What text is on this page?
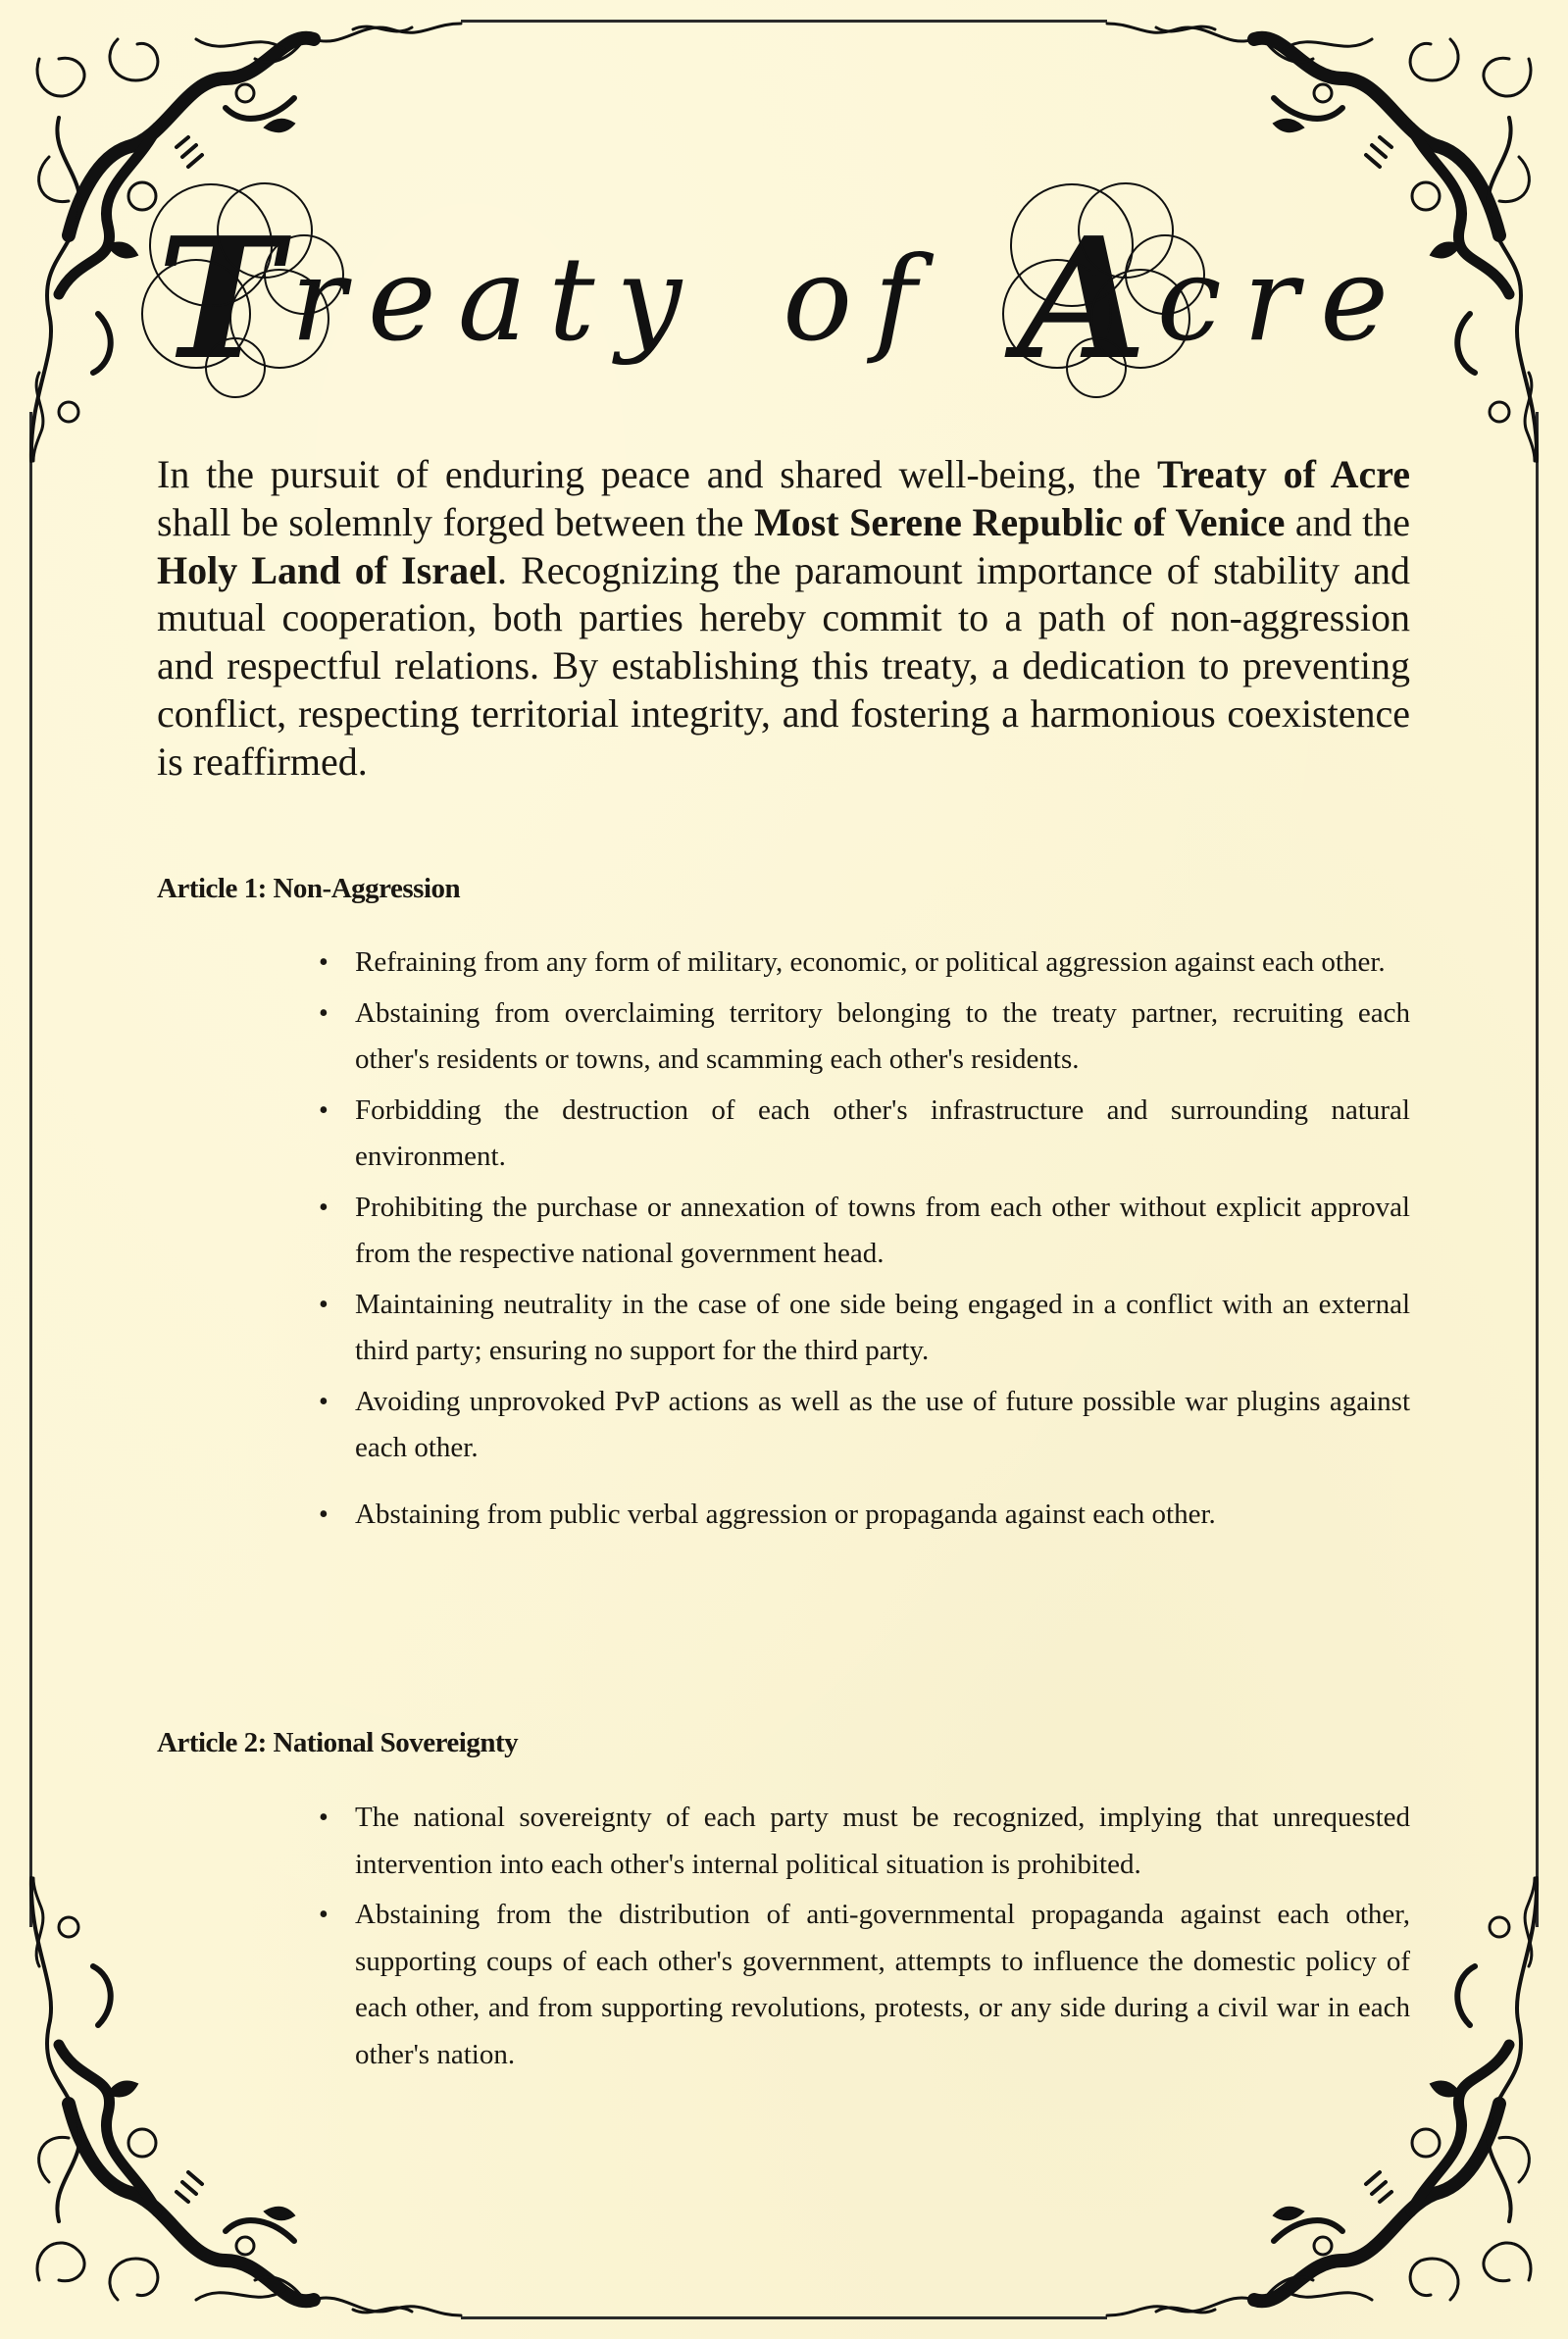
T reaty of A cre

In the pursuit of enduring peace and shared well-being, the Treaty of Acre shall be solemnly forged between the Most Serene Republic of Venice and the Holy Land of Israel. Recognizing the paramount importance of stability and mutual cooperation, both parties hereby commit to a path of non-aggression and respectful relations. By establishing this treaty, a dedication to preventing conflict, respecting territorial integrity, and fostering a harmonious coexistence is reaffirmed.

Article 1: Non-Aggression
• Refraining from any form of military, economic, or political aggression against each other.
• Abstaining from overclaiming territory belonging to the treaty partner, recruiting each other's residents or towns, and scamming each other's residents.
• Forbidding the destruction of each other's infrastructure and surrounding natural environment.
• Prohibiting the purchase or annexation of towns from each other without explicit approval from the respective national government head.
• Maintaining neutrality in the case of one side being engaged in a conflict with an external third party; ensuring no support for the third party.
• Avoiding unprovoked PvP actions as well as the use of future possible war plugins against each other.
• Abstaining from public verbal aggression or propaganda against each other.
Article 2: National Sovereignty
• The national sovereignty of each party must be recognized, implying that unrequested intervention into each other's internal political situation is prohibited.
• Abstaining from the distribution of anti-governmental propaganda against each other, supporting coups of each other's government, attempts to influence the domestic policy of each other, and from supporting revolutions, protests, or any side during a civil war in each other's nation.
